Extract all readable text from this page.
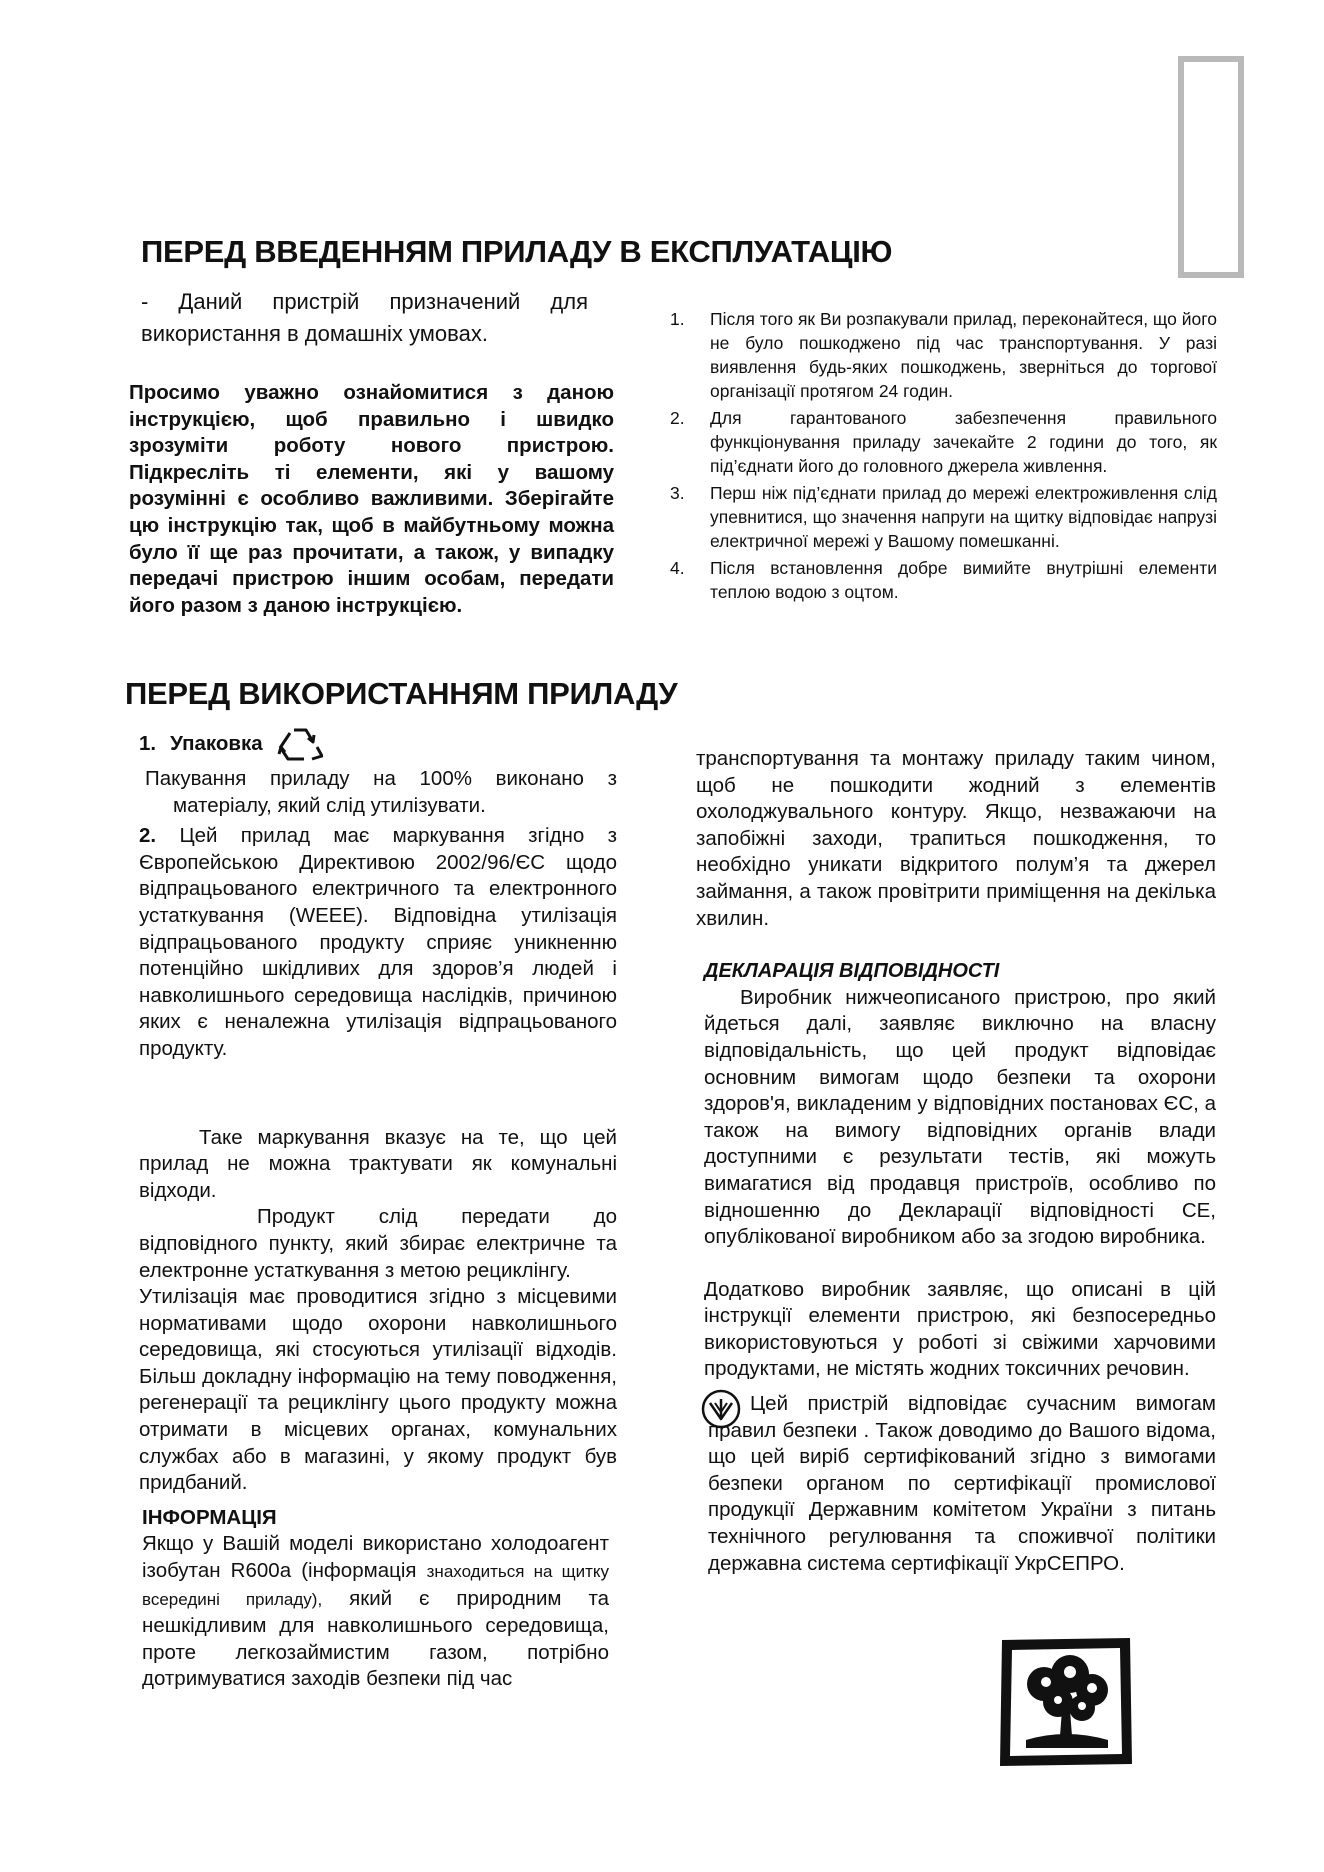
ПЕРЕД ВВЕДЕННЯМ ПРИЛАДУ В ЕКСПЛУАТАЦІЮ
- Даний пристрій призначений для використання в домашніх умовах.
Просимо уважно ознайомитися з даною інструкцією, щоб правильно і швидко зрозуміти роботу нового пристрою. Підкресліть ті елементи, які у вашому розумінні є особливо важливими. Зберігайте цю інструкцію так, щоб в майбутньому можна було її ще раз прочитати, а також, у випадку передачі пристрою іншим особам, передати його разом з даною інструкцією.
1. Після того як Ви розпакували прилад, переконайтеся, що його не було пошкоджено під час транспортування. У разі виявлення будь-яких пошкоджень, зверніться до торгової організації протягом 24 годин.
2. Для гарантованого забезпечення правильного функціонування приладу зачекайте 2 години до того, як під’єднати його до головного джерела живлення.
3. Перш ніж під’єднати прилад до мережі електроживлення слід упевнитися, що значення напруги на щитку відповідає напрузі електричної мережі у Вашому помешканні.
4. Після встановлення добре вимийте внутрішні елементи теплою водою з оцтом.
ПЕРЕД ВИКОРИСТАННЯМ ПРИЛАДУ
1. Упаковка

Пакування приладу на 100% виконано з матеріалу, який слід утилізувати.

2. Цей прилад має маркування згідно з Європейською Директивою 2002/96/ЄС щодо відпрацьованого електричного та електронного устаткування (WEEE). Відповідна утилізація відпрацьованого продукту сприяє уникненню потенційно шкідливих для здоров’я людей і навколишнього середовища наслідків, причиною яких є неналежна утилізація відпрацьованого продукту.

Таке маркування вказує на те, що цей прилад не можна трактувати як комунальні відходи.

Продукт слід передати до відповідного пункту, який збирає електричне та електронне устаткування з метою рециклінгу.

Утилізація має проводитися згідно з місцевими нормативами щодо охорони навколишнього середовища, які стосуються утилізації відходів. Більш докладну інформацію на тему поводження, регенерації та рециклінгу цього продукту можна отримати в місцевих органах, комунальних службах або в магазині, у якому продукт був придбаний.

ІНФОРМАЦІЯ

Якщо у Вашій моделі використано холодоагент ізобутан R600a (інформація знаходиться на щитку всередині приладу), який є природним та нешкідливим для навколишнього середовища, проте легкозаймистим газом, потрібно дотримуватися заходів безпеки під час

транспортування та монтажу приладу таким чином, щоб не пошкодити жодний з елементів охолоджувального контуру. Якщо, незважаючи на запобіжні заходи, трапиться пошкодження, то необхідно уникати відкритого полум’я та джерел займання, а також провітрити приміщення на декілька хвилин.

ДЕКЛАРАЦІЯ ВІДПОВІДНОСТІ

Виробник нижчеописаного пристрою, про який йдеться далі, заявляє виключно на власну відповідальність, що цей продукт відповідає основним вимогам щодо безпеки та охорони здоров'я, викладеним у відповідних постановах ЄС, а також на вимогу відповідних органів влади доступними є результати тестів, які можуть вимагатися від продавця пристроїв, особливо по відношенню до Декларації відповідності CE, опублікованої виробником або за згодою виробника.

Додатково виробник заявляє, що описані в цій інструкції елементи пристрою, які безпосередньо використовуються у роботі зі свіжими харчовими продуктами, не містять жодних токсичних речовин.

Цей пристрій відповідає сучасним вимогам правил безпеки . Також доводимо до Вашого відома, що цей виріб сертифікований згідно з вимогами безпеки органом по сертифікації промислової продукції Державним комітетом України з питань технічного регулювання та споживчої політики державна система сертифікації УкрСЕПРО.
